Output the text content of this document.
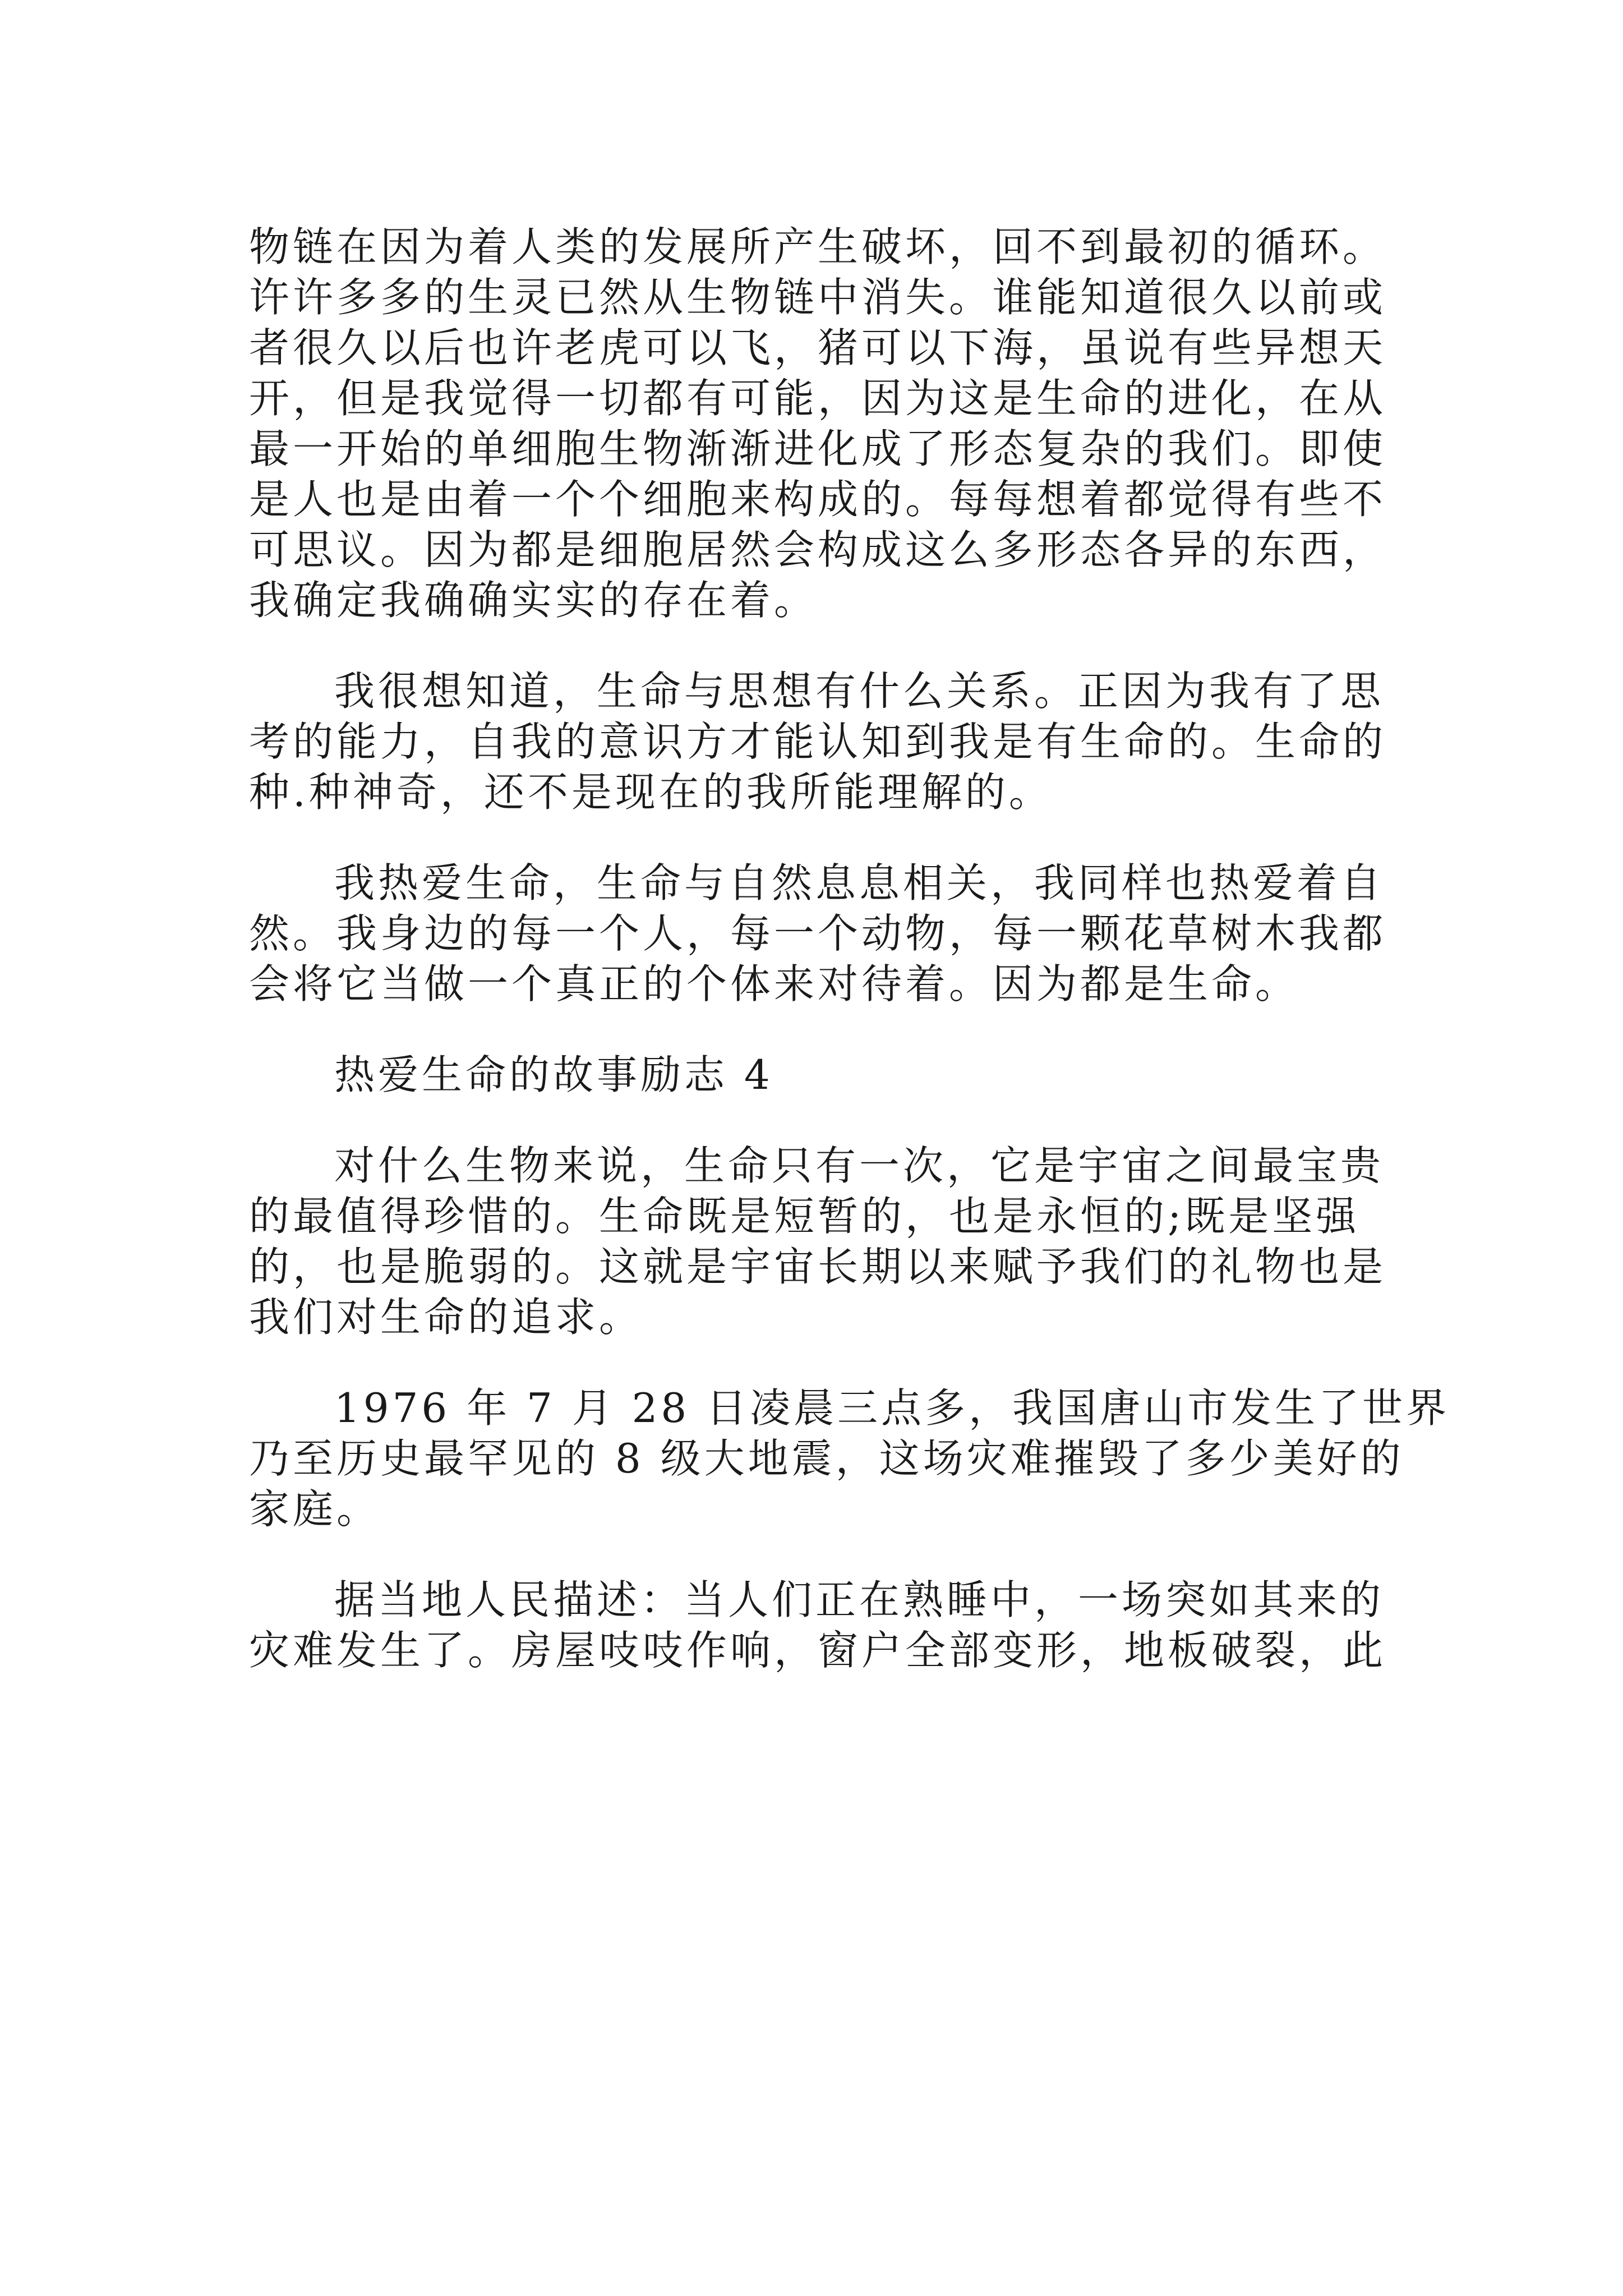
物链在因为着人类的发展所产生破坏，回不到最初的循环。

许许多多的生灵已然从生物链中消失。谁能知道很久以前或

者很久以后也许老虎可以飞，猪可以下海，虽说有些异想天

开，但是我觉得一切都有可能，因为这是生命的进化，在从

最一开始的单细胞生物渐渐进化成了形态复杂的我们。即使

是人也是由着一个个细胞来构成的。每每想着都觉得有些不

可思议。因为都是细胞居然会构成这么多形态各异的东西，

我确定我确确实实的存在着。

我很想知道，生命与思想有什么关系。正因为我有了思

考的能力，自我的意识方才能认知到我是有生命的。生命的

种.种神奇，还不是现在的我所能理解的。

我热爱生命，生命与自然息息相关，我同样也热爱着自

然。我身边的每一个人，每一个动物，每一颗花草树木我都

会将它当做一个真正的个体来对待着。因为都是生命。

热爱生命的故事励志 4

对什么生物来说，生命只有一次，它是宇宙之间最宝贵

的最值得珍惜的。生命既是短暂的，也是永恒的;既是坚强

的，也是脆弱的。这就是宇宙长期以来赋予我们的礼物也是

我们对生命的追求。

1976 年 7 月 28 日凌晨三点多，我国唐山市发生了世界

乃至历史最罕见的 8 级大地震，这场灾难摧毁了多少美好的

家庭。

据当地人民描述：当人们正在熟睡中，一场突如其来的

灾难发生了。房屋吱吱作响，窗户全部变形，地板破裂，此
